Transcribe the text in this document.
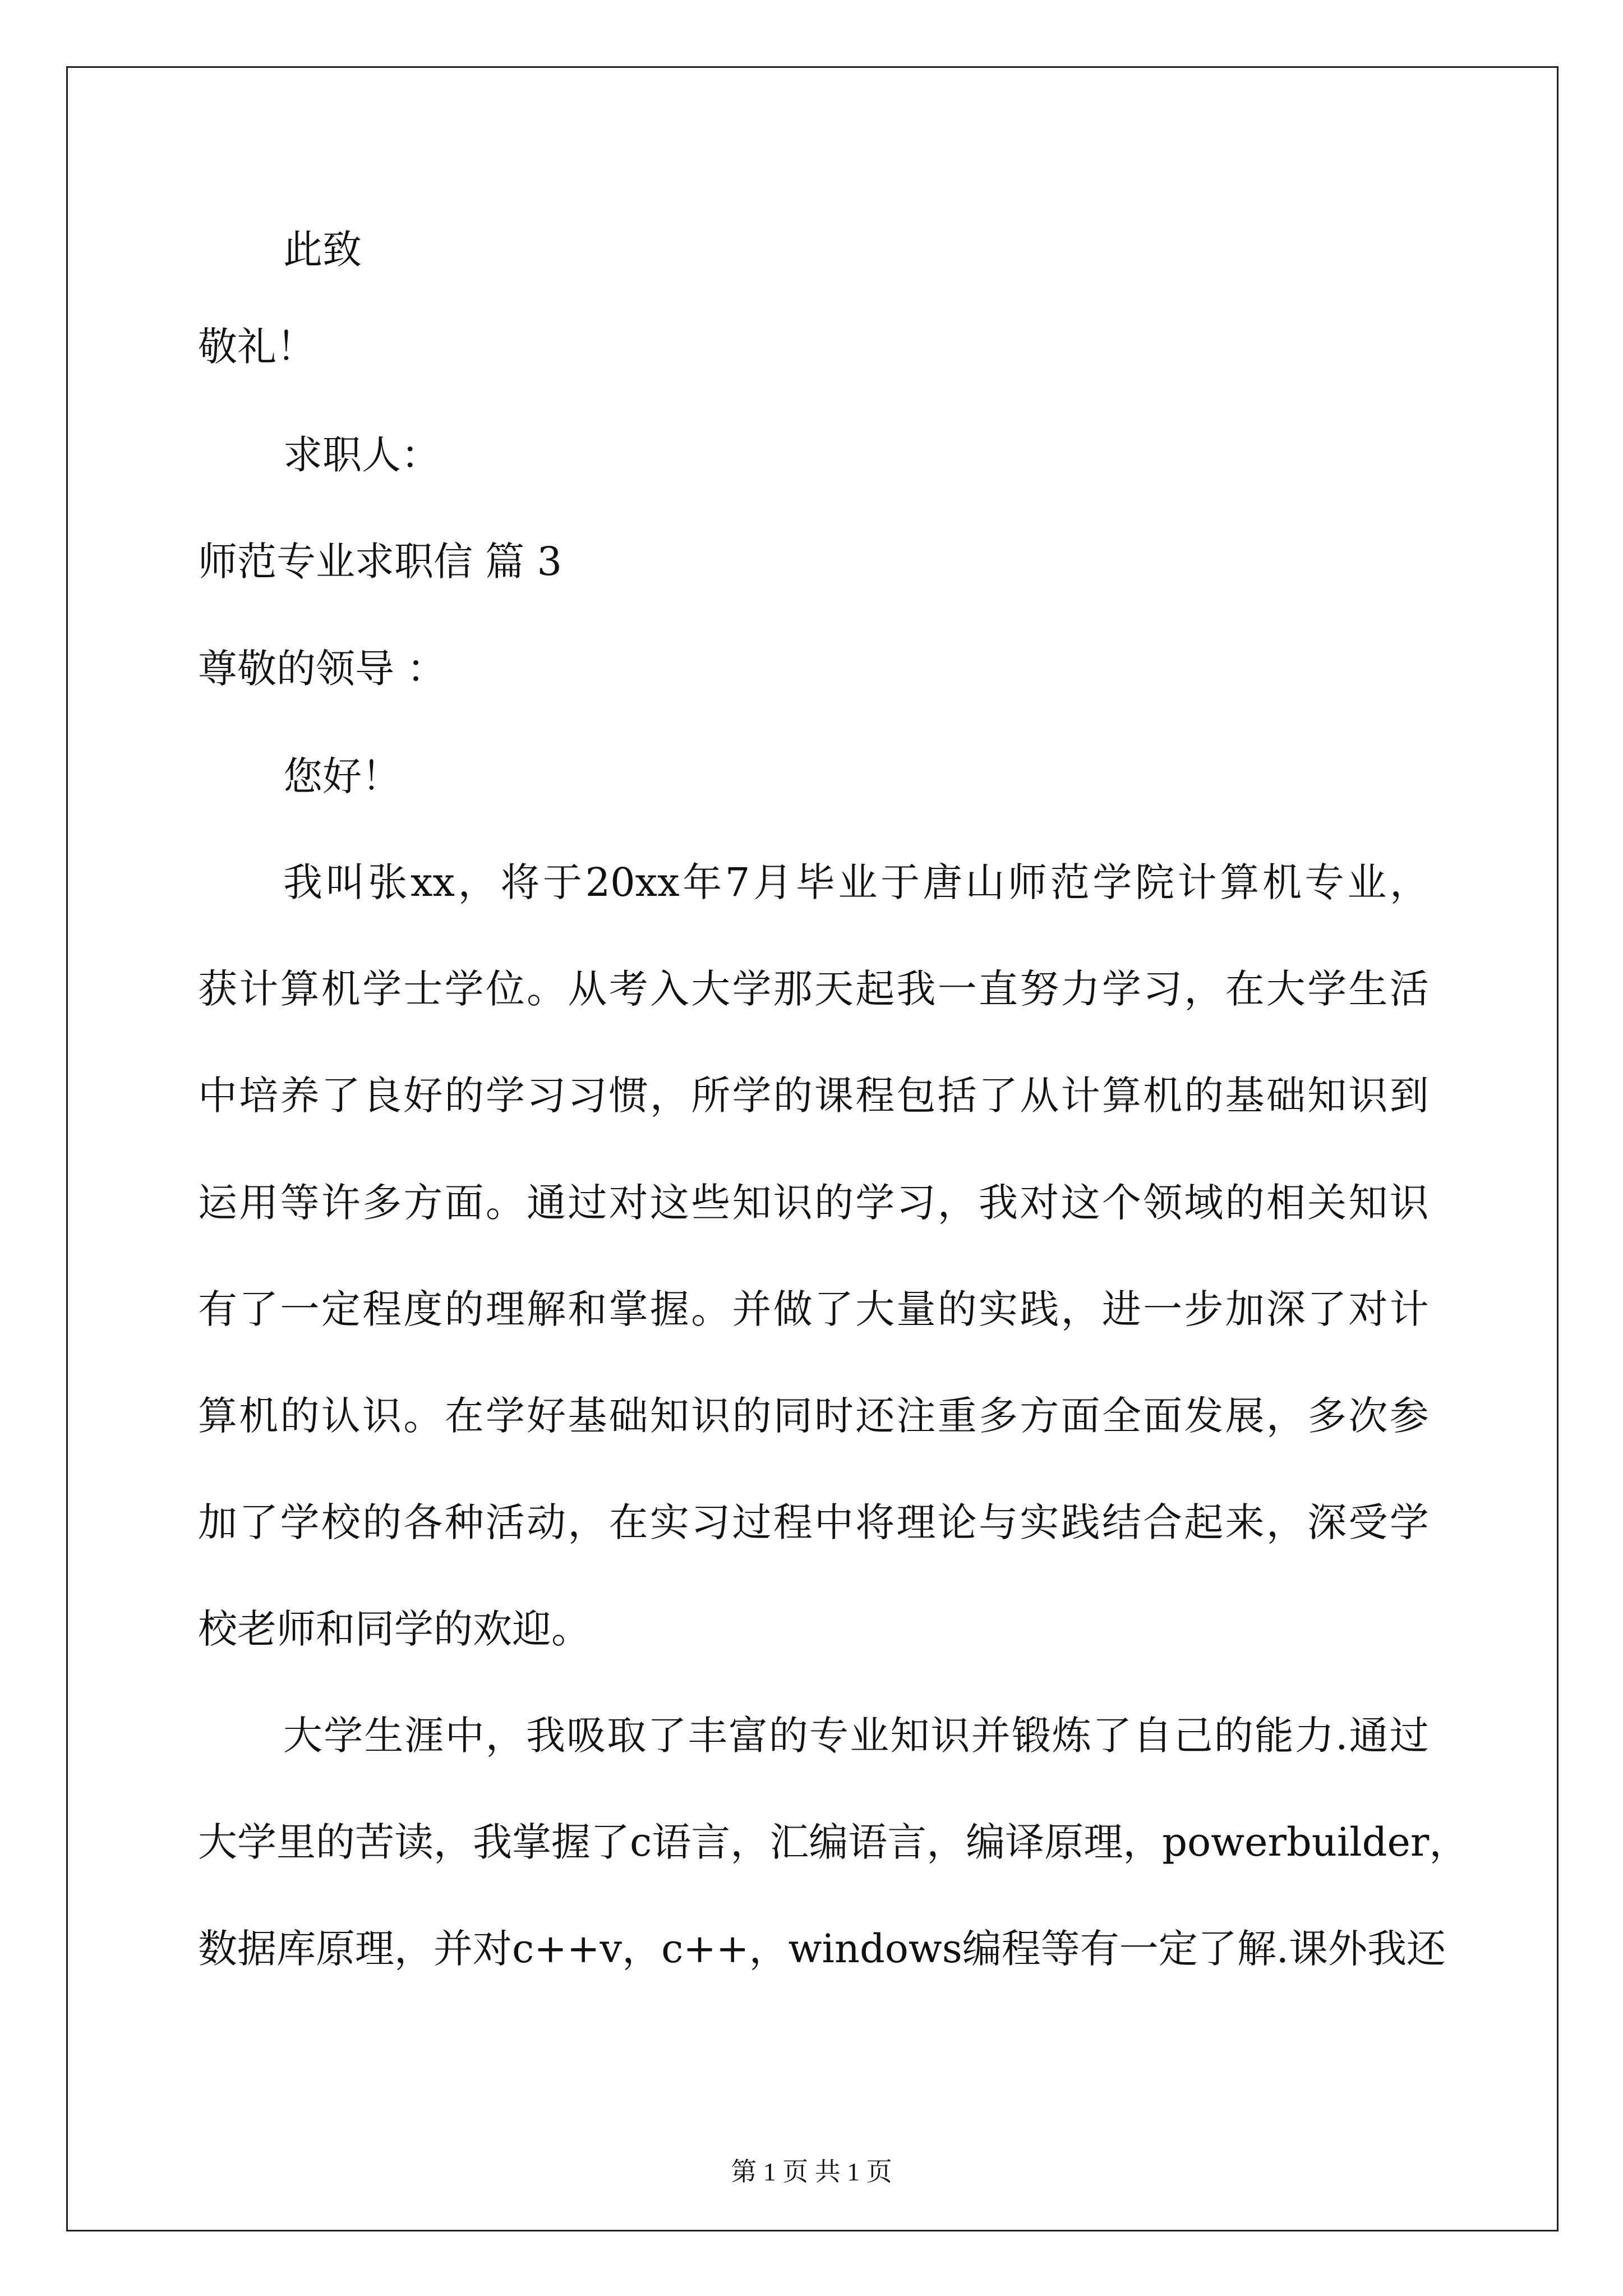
此致
敬礼！
求职人：
师范专业求职信 篇 3
尊敬的领导 ：
您好！
我 叫 张 xx ， 将 于 20xx 年 7 月 毕 业 于 唐 山 师 范 学 院 计 算 机 专 业 ，
获 计 算 机 学 士 学 位 。 从 考 入 大 学 那 天 起 我 一 直 努 力 学 习 ， 在 大 学 生 活
中 培 养 了 良 好 的 学 习 习 惯 ， 所 学 的 课 程 包 括 了 从 计 算 机 的 基 础 知 识 到
运 用 等 许 多 方 面 。 通 过 对 这 些 知 识 的 学 习 ， 我 对 这 个 领 域 的 相 关 知 识
有 了 一 定 程 度 的 理 解 和 掌 握 。 并 做 了 大 量 的 实 践 ， 进 一 步 加 深 了 对 计
算 机 的 认 识 。 在 学 好 基 础 知 识 的 同 时 还 注 重 多 方 面 全 面 发 展 ， 多 次 参
加 了 学 校 的 各 种 活 动 ， 在 实 习 过 程 中 将 理 论 与 实 践 结 合 起 来 ， 深 受 学
校老师和同学的欢迎。
大 学 生 涯 中 ， 我 吸 取 了 丰 富 的 专 业 知 识 并 锻 炼 了 自 己 的 能 力 . 通 过
大 学 里 的 苦 读 ， 我 掌 握 了 c 语 言 ， 汇 编 语 言 ， 编 译 原 理 ， powerbuilder ，
数 据 库 原 理 ， 并 对 c++v ， c++ ， windows 编 程 等 有 一 定 了 解 . 课 外 我 还
第 1 页 共 1 页
